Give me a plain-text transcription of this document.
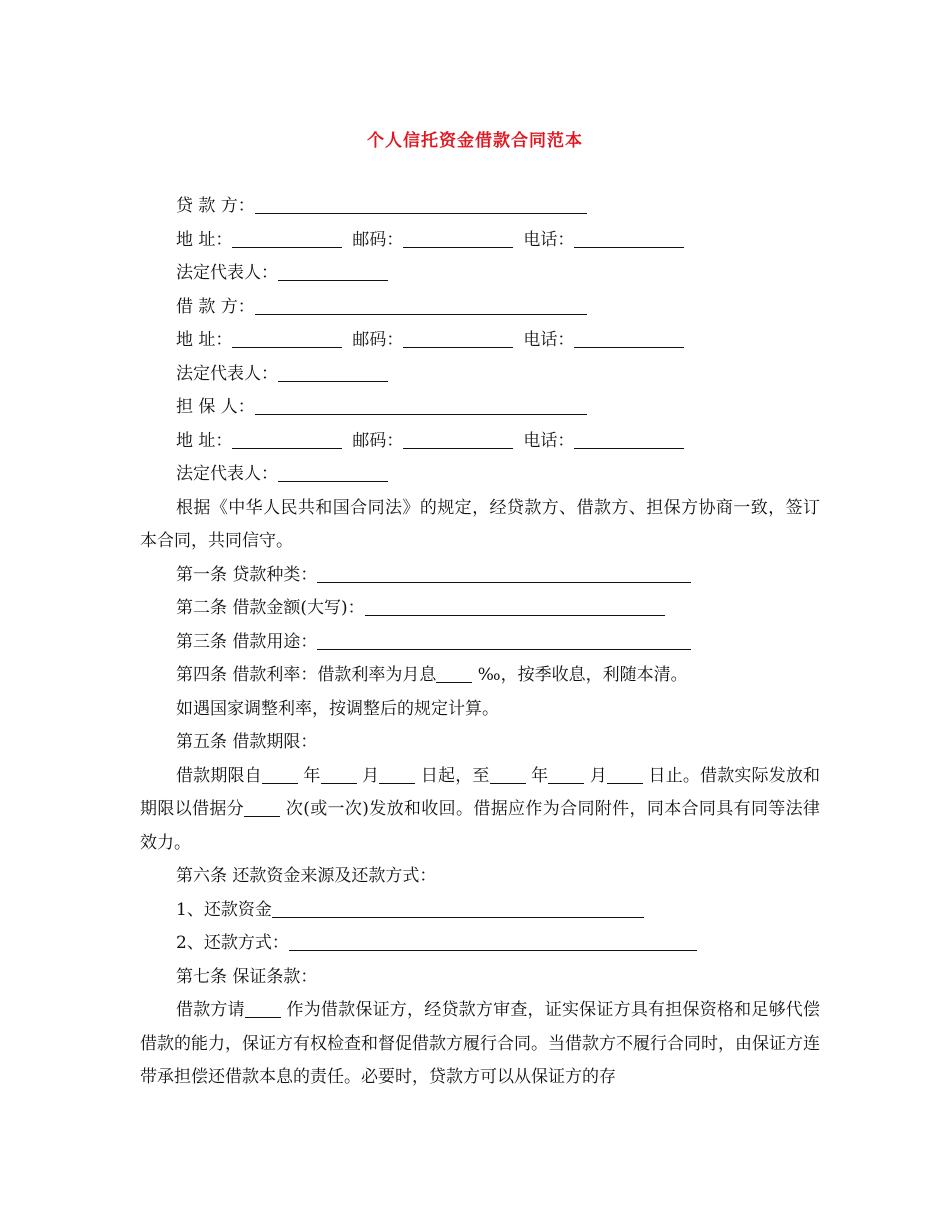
个人信托资金借款合同范本
贷 款 方：
地 址：	邮码：	电话：
法定代表人：
借 款 方：
地 址：	邮码：	电话：
法定代表人：
担 保 人：
地 址：	邮码：	电话：
法定代表人：
根据《中华人民共和国合同法》的规定，经贷款方、借款方、担保方协商一致，签订本合同，共同信守。
第一条 贷款种类：
第二条 借款金额(大写)：
第三条 借款用途：
第四条 借款利率：借款利率为月息 ‰，按季收息，利随本清。
如遇国家调整利率，按调整后的规定计算。
第五条 借款期限：
借款期限自 年 月 日起，至 年 月 日止。借款实际发放和期限以借据分 次(或一次)发放和收回。借据应作为合同附件，同本合同具有同等法律效力。
第六条 还款资金来源及还款方式：
1、还款资金
2、还款方式：
第七条 保证条款：
借款方请 作为借款保证方，经贷款方审查，证实保证方具有担保资格和足够代偿借款的能力，保证方有权检查和督促借款方履行合同。当借款方不履行合同时，由保证方连带承担偿还借款本息的责任。必要时，贷款方可以从保证方的存
